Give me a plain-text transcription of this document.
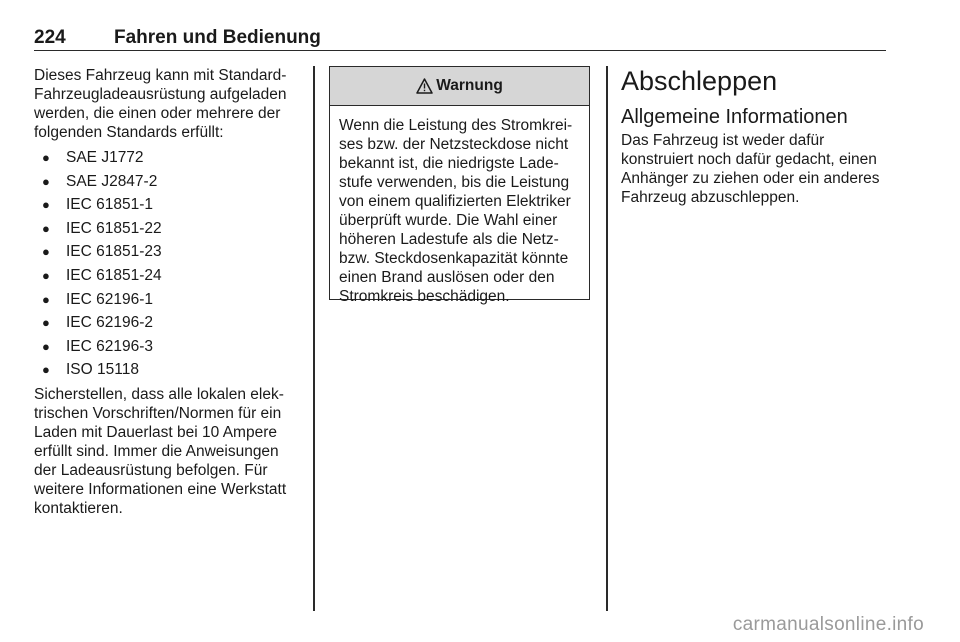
224	Fahren und Bedienung

Dieses Fahrzeug kann mit Standard-Fahrzeugladeausrüstung aufgeladen werden, die einen oder mehrere der folgenden Standards erfüllt:

● SAE J1772
● SAE J2847-2
● IEC 61851-1
● IEC 61851-22
● IEC 61851-23
● IEC 61851-24
● IEC 62196-1
● IEC 62196-2
● IEC 62196-3
● ISO 15118

Sicherstellen, dass alle lokalen elek-trischen Vorschriften/Normen für ein Laden mit Dauerlast bei 10 Ampere erfüllt sind. Immer die Anweisungen der Ladeausrüstung befolgen. Für weitere Informationen eine Werkstatt kontaktieren.

Warnung
Wenn die Leistung des Stromkrei-ses bzw. der Netzsteckdose nicht bekannt ist, die niedrigste Lade-stufe verwenden, bis die Leistung von einem qualifizierten Elektriker überprüft wurde. Die Wahl einer höheren Ladestufe als die Netz-bzw. Steckdosenkapazität könnte einen Brand auslösen oder den Stromkreis beschädigen.
Abschleppen
Allgemeine Informationen

Das Fahrzeug ist weder dafür konstruiert noch dafür gedacht, einen Anhänger zu ziehen oder ein anderes Fahrzeug abzuschleppen.

carmanualsonline.info
